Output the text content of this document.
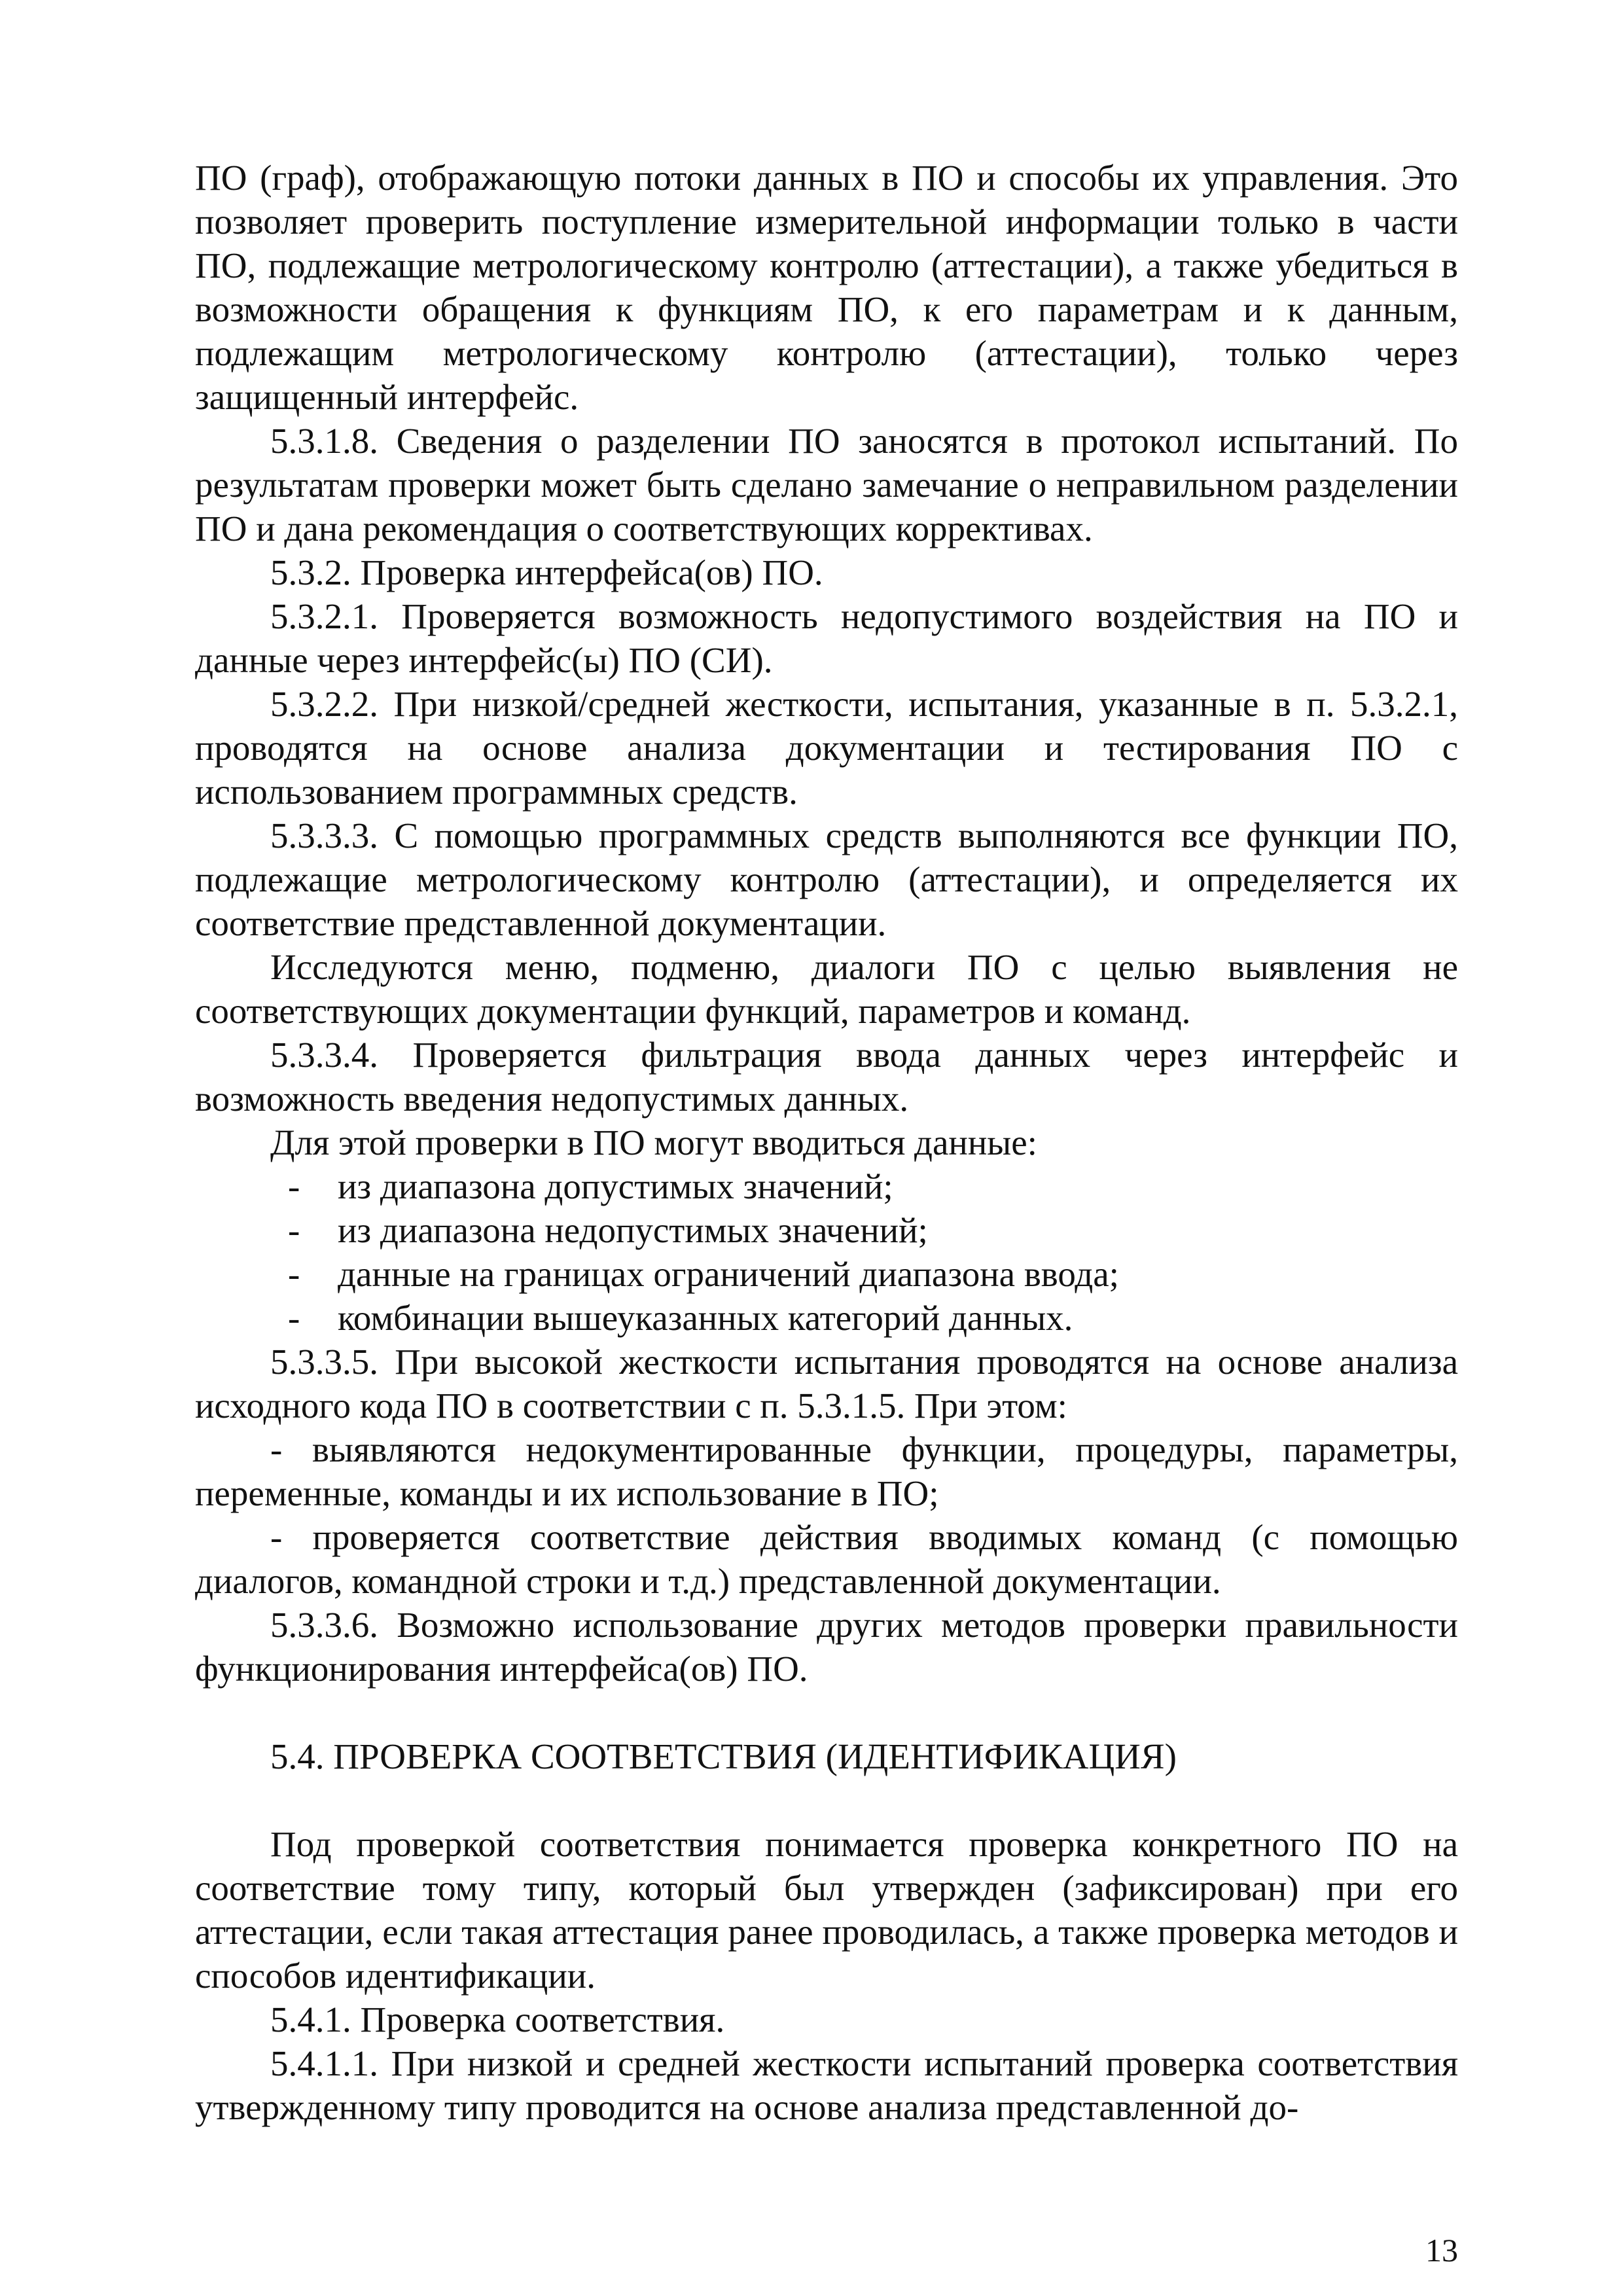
ПО (граф), отображающую потоки данных в ПО и способы их управления. Это позволяет проверить поступление измерительной информации только в части ПО, подлежащие метрологическому контролю (аттестации), а также убедиться в возможности обращения к функциям ПО, к его параметрам и к данным, подлежащим метрологическому контролю (аттестации), только через защищенный интерфейс.

5.3.1.8. Сведения о разделении ПО заносятся в протокол испытаний. По результатам проверки может быть сделано замечание о неправильном разделении ПО и дана рекомендация о соответствующих коррективах.

5.3.2. Проверка интерфейса(ов) ПО.

5.3.2.1. Проверяется возможность недопустимого воздействия на ПО и данные через интерфейс(ы) ПО (СИ).

5.3.2.2. При низкой/средней жесткости, испытания, указанные в п. 5.3.2.1, проводятся на основе анализа документации и тестирования ПО с использованием программных средств.

5.3.3.3. С помощью программных средств выполняются все функции ПО, подлежащие метрологическому контролю (аттестации), и определяется их соответствие представленной документации.

Исследуются меню, подменю, диалоги ПО с целью выявления не соответствующих документации функций, параметров и команд.

5.3.3.4. Проверяется фильтрация ввода данных через интерфейс и возможность введения недопустимых данных.

Для этой проверки в ПО могут вводиться данные:

- из диапазона допустимых значений;

- из диапазона недопустимых значений;

- данные на границах ограничений диапазона ввода;

- комбинации вышеуказанных категорий данных.

5.3.3.5. При высокой жесткости испытания проводятся на основе анализа исходного кода ПО в соответствии с п. 5.3.1.5. При этом:

- выявляются недокументированные функции, процедуры, параметры, переменные, команды и их использование в ПО;

- проверяется соответствие действия вводимых команд (с помощью диалогов, командной строки и т.д.) представленной документации.

5.3.3.6. Возможно использование других методов проверки правильности функционирования интерфейса(ов) ПО.

5.4. ПРОВЕРКА СООТВЕТСТВИЯ (ИДЕНТИФИКАЦИЯ)

Под проверкой соответствия понимается проверка конкретного ПО на соответствие тому типу, который был утвержден (зафиксирован) при его аттестации, если такая аттестация ранее проводилась, а также проверка методов и способов идентификации.

5.4.1. Проверка соответствия.

5.4.1.1. При низкой и средней жесткости испытаний проверка соответствия утвержденному типу проводится на основе анализа представленной до-

13
